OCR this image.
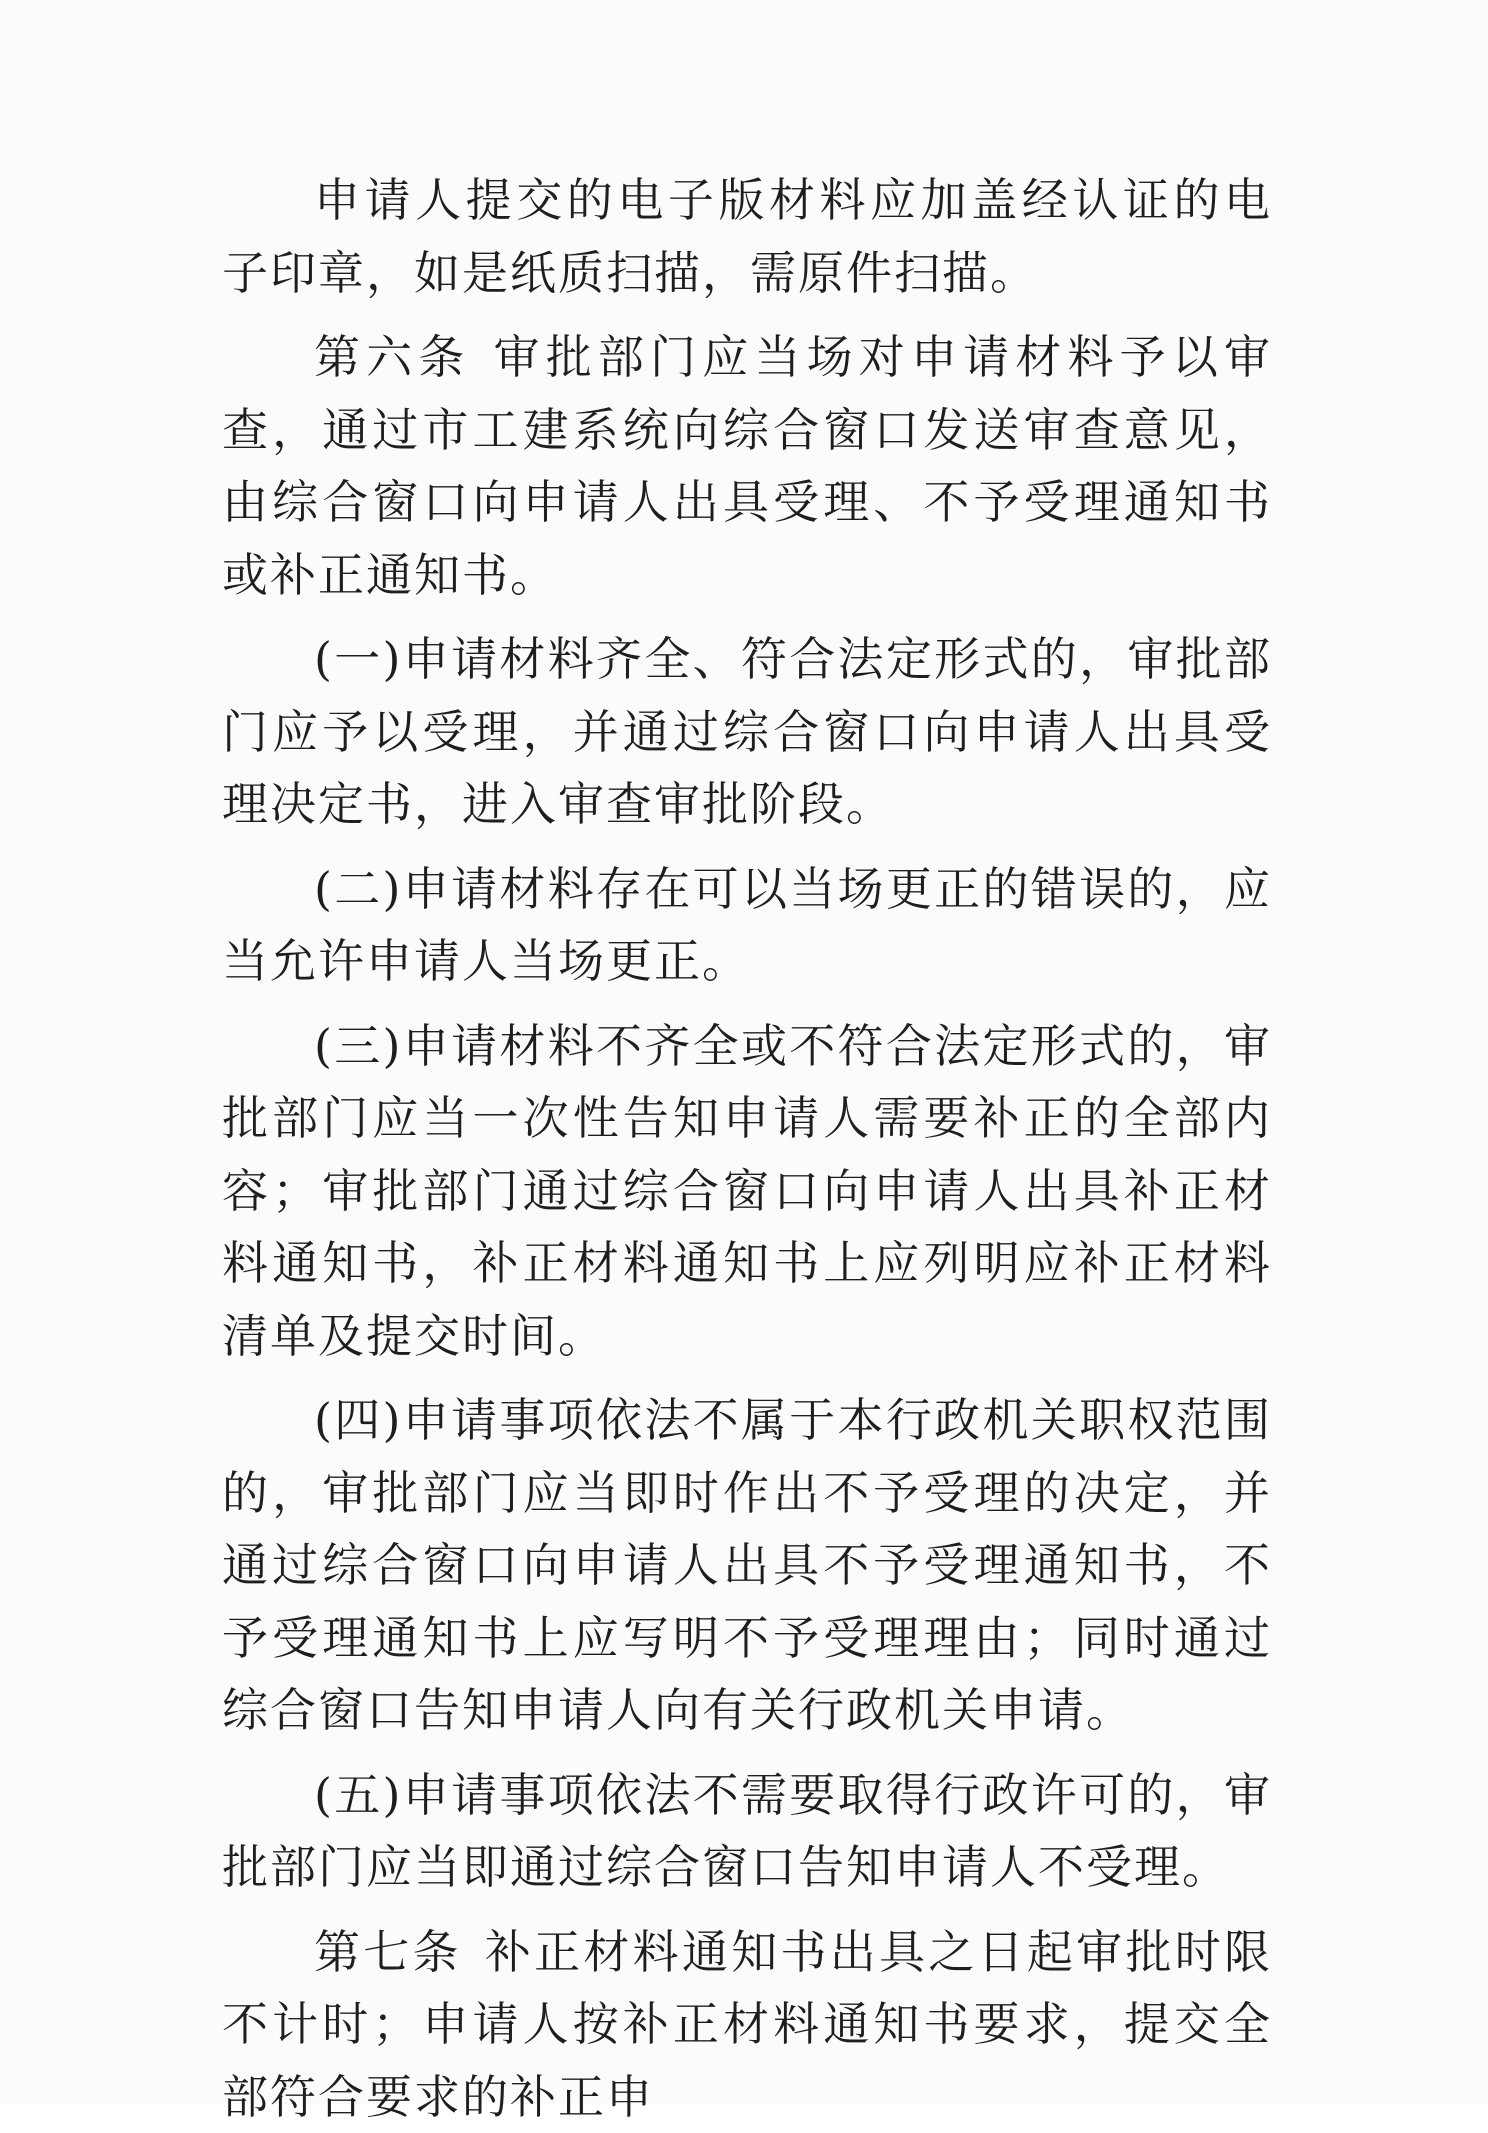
申请人提交的电子版材料应加盖经认证的电子印章，如是纸质扫描，需原件扫描。

第六条 审批部门应当场对申请材料予以审查，通过市工建系统向综合窗口发送审查意见，由综合窗口向申请人出具受理、不予受理通知书或补正通知书。

(一)申请材料齐全、符合法定形式的，审批部门应予以受理，并通过综合窗口向申请人出具受理决定书，进入审查审批阶段。

(二)申请材料存在可以当场更正的错误的，应当允许申请人当场更正。

(三)申请材料不齐全或不符合法定形式的，审批部门应当一次性告知申请人需要补正的全部内容；审批部门通过综合窗口向申请人出具补正材料通知书，补正材料通知书上应列明应补正材料清单及提交时间。

(四)申请事项依法不属于本行政机关职权范围的，审批部门应当即时作出不予受理的决定，并通过综合窗口向申请人出具不予受理通知书，不予受理通知书上应写明不予受理理由；同时通过综合窗口告知申请人向有关行政机关申请。

(五)申请事项依法不需要取得行政许可的，审批部门应当即通过综合窗口告知申请人不受理。

第七条 补正材料通知书出具之日起审批时限不计时；申请人按补正材料通知书要求，提交全部符合要求的补正申
